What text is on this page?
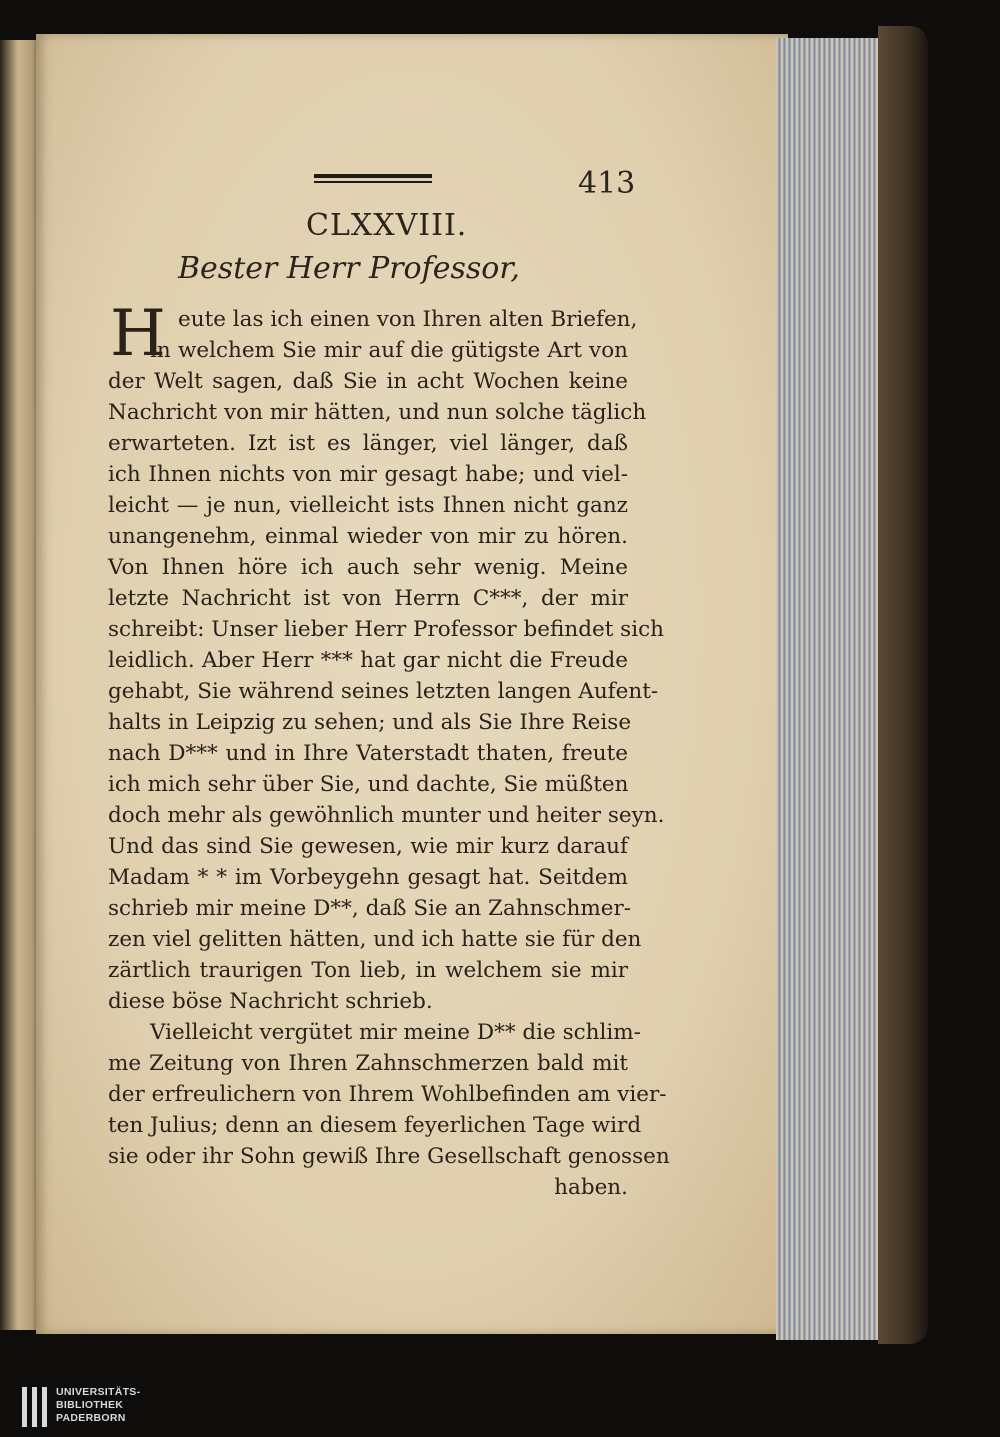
413
CLXXVIII.
Bester Herr Professor,
H eute las ich einen von Ihren alten Briefen,
in welchem Sie mir auf die gütigste Art von
der Welt sagen, daß Sie in acht Wochen keine
Nachricht von mir hätten, und nun solche täglich
erwarteten. Izt ist es länger, viel länger, daß
ich Ihnen nichts von mir gesagt habe; und viel-
leicht — je nun, vielleicht ists Ihnen nicht ganz
unangenehm, einmal wieder von mir zu hören.
Von Ihnen höre ich auch sehr wenig. Meine
letzte Nachricht ist von Herrn C***, der mir
schreibt: Unser lieber Herr Professor befindet sich
leidlich. Aber Herr *** hat gar nicht die Freude
gehabt, Sie während seines letzten langen Aufent-
halts in Leipzig zu sehen; und als Sie Ihre Reise
nach D*** und in Ihre Vaterstadt thaten, freute
ich mich sehr über Sie, und dachte, Sie müßten
doch mehr als gewöhnlich munter und heiter seyn.
Und das sind Sie gewesen, wie mir kurz darauf
Madam * * im Vorbeygehn gesagt hat. Seitdem
schrieb mir meine D**, daß Sie an Zahnschmer-
zen viel gelitten hätten, und ich hatte sie für den
zärtlich traurigen Ton lieb, in welchem sie mir
diese böse Nachricht schrieb.
Vielleicht vergütet mir meine D** die schlim-
me Zeitung von Ihren Zahnschmerzen bald mit
der erfreulichern von Ihrem Wohlbefinden am vier-
ten Julius; denn an diesem feyerlichen Tage wird
sie oder ihr Sohn gewiß Ihre Gesellschaft genossen
haben.
UNIVERSITÄTS-
BIBLIOTHEK
PADERBORN
